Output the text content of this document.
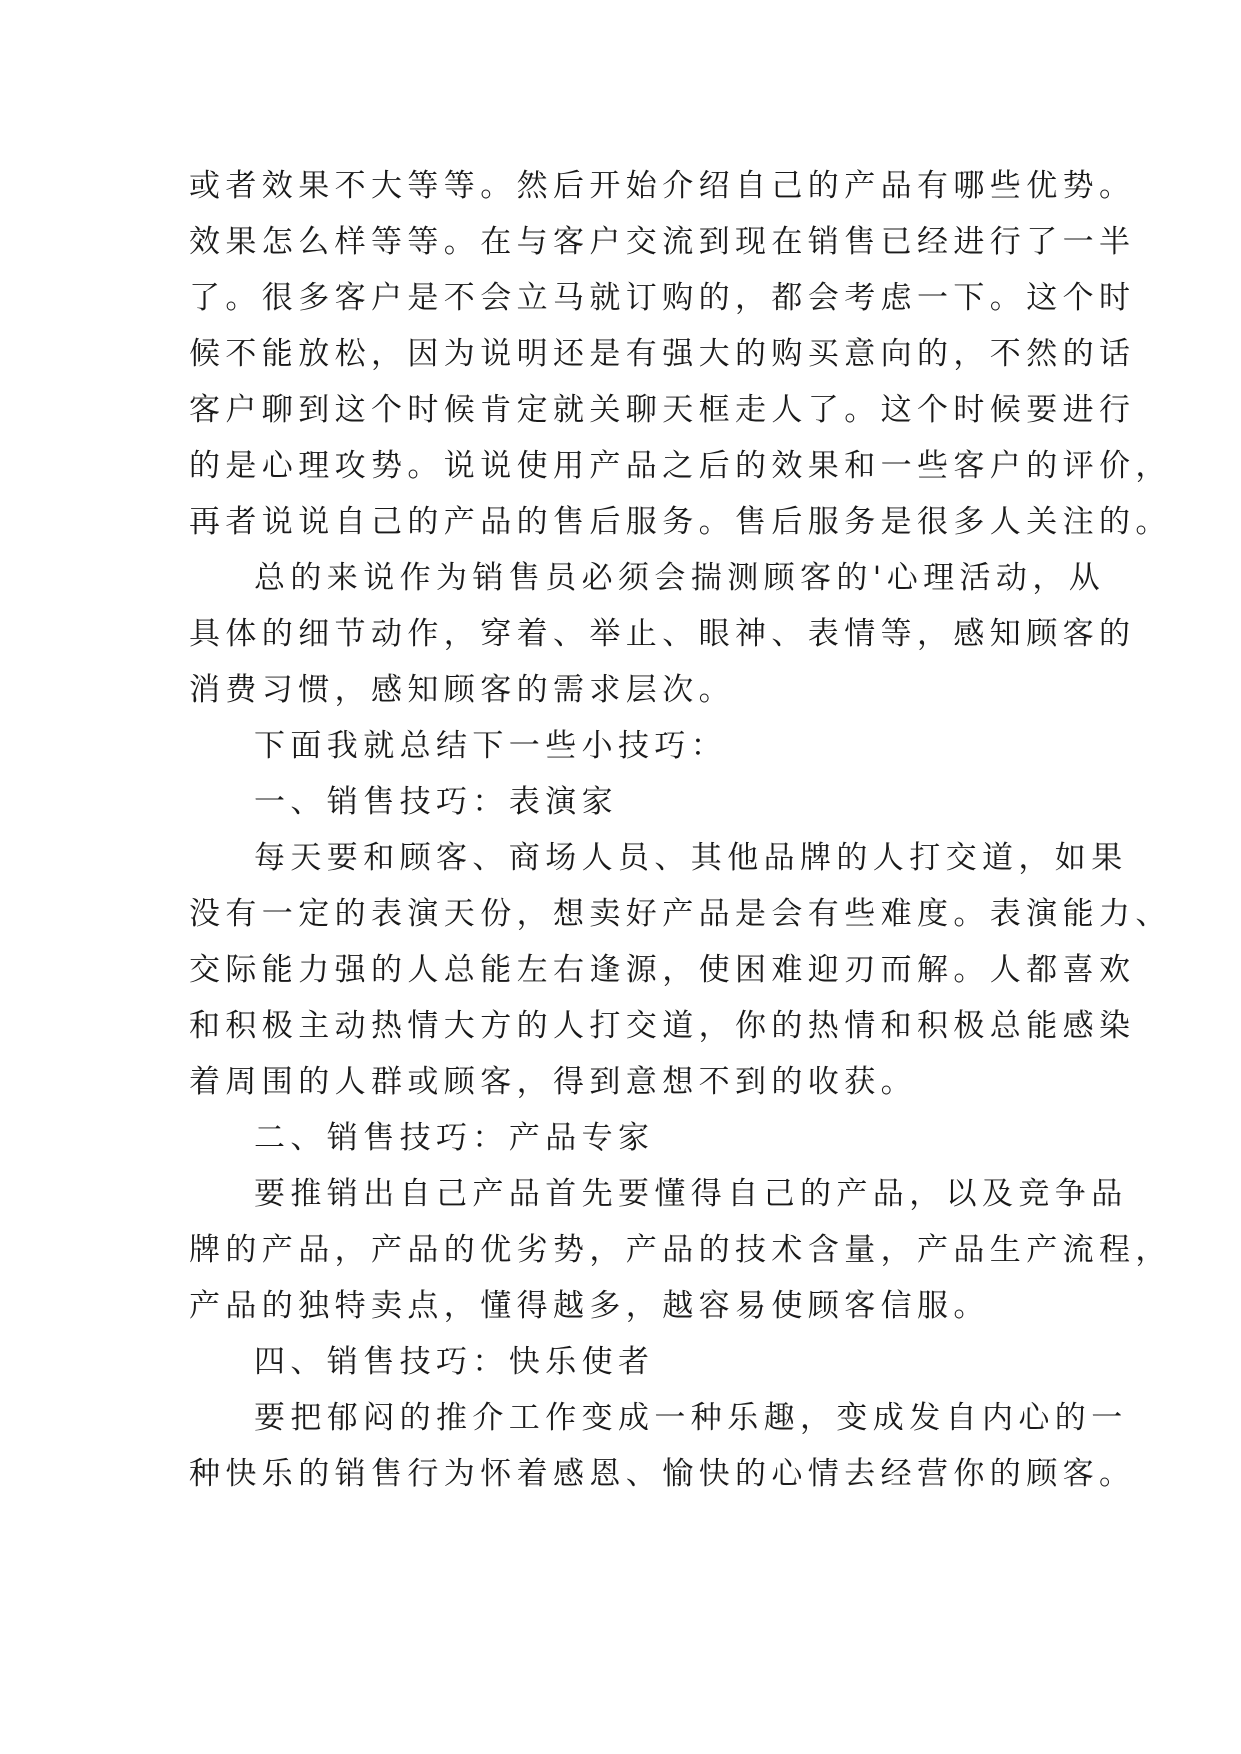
或者效果不大等等。然后开始介绍自己的产品有哪些优势。
效果怎么样等等。在与客户交流到现在销售已经进行了一半
了。很多客户是不会立马就订购的，都会考虑一下。这个时
候不能放松，因为说明还是有强大的购买意向的，不然的话
客户聊到这个时候肯定就关聊天框走人了。这个时候要进行
的是心理攻势。说说使用产品之后的效果和一些客户的评价，
再者说说自己的产品的售后服务。售后服务是很多人关注的。
总的来说作为销售员必须会揣测顾客的'心理活动，从
具体的细节动作，穿着、举止、眼神、表情等，感知顾客的
消费习惯，感知顾客的需求层次。
下面我就总结下一些小技巧：
一、销售技巧：表演家
每天要和顾客、商场人员、其他品牌的人打交道，如果
没有一定的表演天份，想卖好产品是会有些难度。表演能力、
交际能力强的人总能左右逢源，使困难迎刃而解。人都喜欢
和积极主动热情大方的人打交道，你的热情和积极总能感染
着周围的人群或顾客，得到意想不到的收获。
二、销售技巧：产品专家
要推销出自己产品首先要懂得自己的产品，以及竞争品
牌的产品，产品的优劣势，产品的技术含量，产品生产流程，
产品的独特卖点，懂得越多，越容易使顾客信服。
四、销售技巧：快乐使者
要把郁闷的推介工作变成一种乐趣，变成发自内心的一
种快乐的销售行为怀着感恩、愉快的心情去经营你的顾客。
